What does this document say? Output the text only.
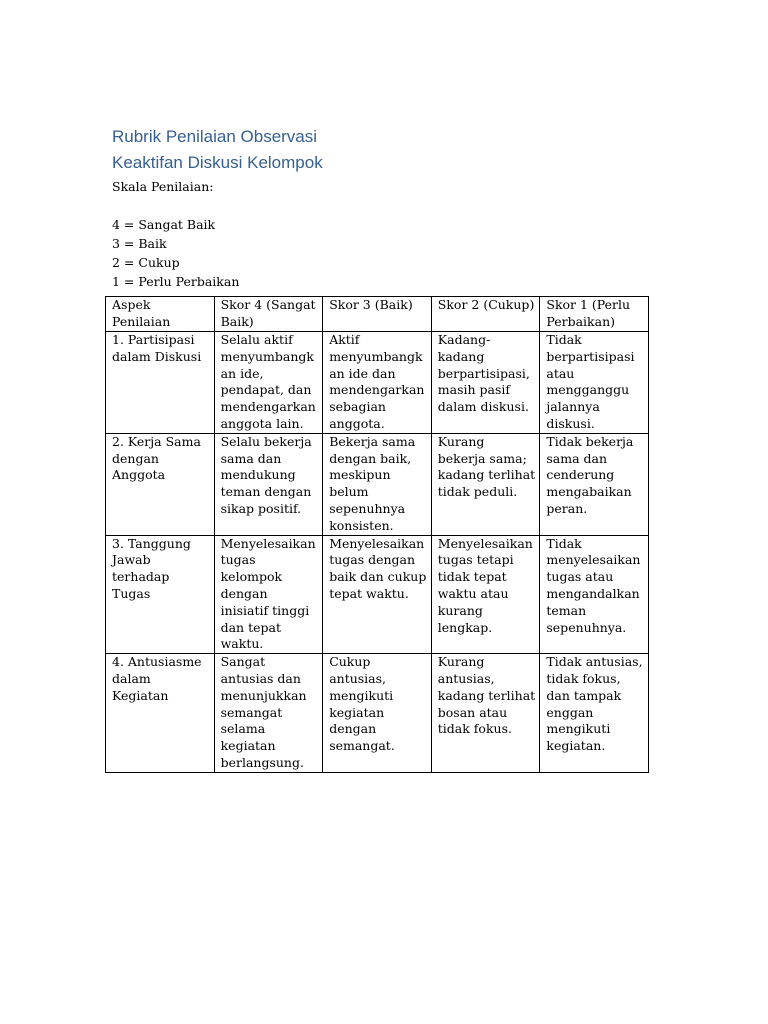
Rubrik Penilaian Observasi
Keaktifan Diskusi Kelompok

Skala Penilaian:

4 = Sangat Baik
3 = Baik
2 = Cukup
1 = Perlu Perbaikan
Aspek Penilaian	Skor 4 (Sangat Baik)	Skor 3 (Baik)	Skor 2 (Cukup)	Skor 1 (Perlu Perbaikan)
1. Partisipasi dalam Diskusi	Selalu aktif menyumbangkan ide, pendapat, dan mendengarkan anggota lain.	Aktif menyumbangkan ide dan mendengarkan sebagian anggota.	Kadang-kadang berpartisipasi, masih pasif dalam diskusi.	Tidak berpartisipasi atau mengganggu jalannya diskusi.
2. Kerja Sama dengan Anggota	Selalu bekerja sama dan mendukung teman dengan sikap positif.	Bekerja sama dengan baik, meskipun belum sepenuhnya konsisten.	Kurang bekerja sama; kadang terlihat tidak peduli.	Tidak bekerja sama dan cenderung mengabaikan peran.
3. Tanggung Jawab terhadap Tugas	Menyelesaikan tugas kelompok dengan inisiatif tinggi dan tepat waktu.	Menyelesaikan tugas dengan baik dan cukup tepat waktu.	Menyelesaikan tugas tetapi tidak tepat waktu atau kurang lengkap.	Tidak menyelesaikan tugas atau mengandalkan teman sepenuhnya.
4. Antusiasme dalam Kegiatan	Sangat antusias dan menunjukkan semangat selama kegiatan berlangsung.	Cukup antusias, mengikuti kegiatan dengan semangat.	Kurang antusias, kadang terlihat bosan atau tidak fokus.	Tidak antusias, tidak fokus, dan tampak enggan mengikuti kegiatan.
